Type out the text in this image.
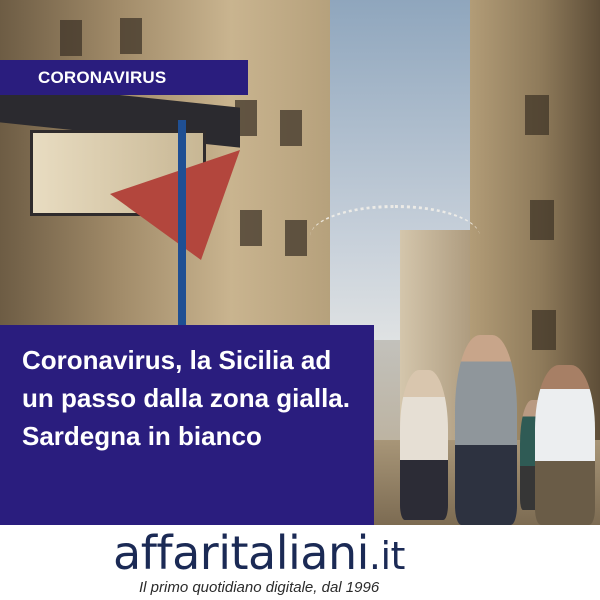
CORONAVIRUS
Coronavirus, la Sicilia ad un passo dalla zona gialla. Sardegna in bianco
affaritaliani.it
Il primo quotidiano digitale, dal 1996
